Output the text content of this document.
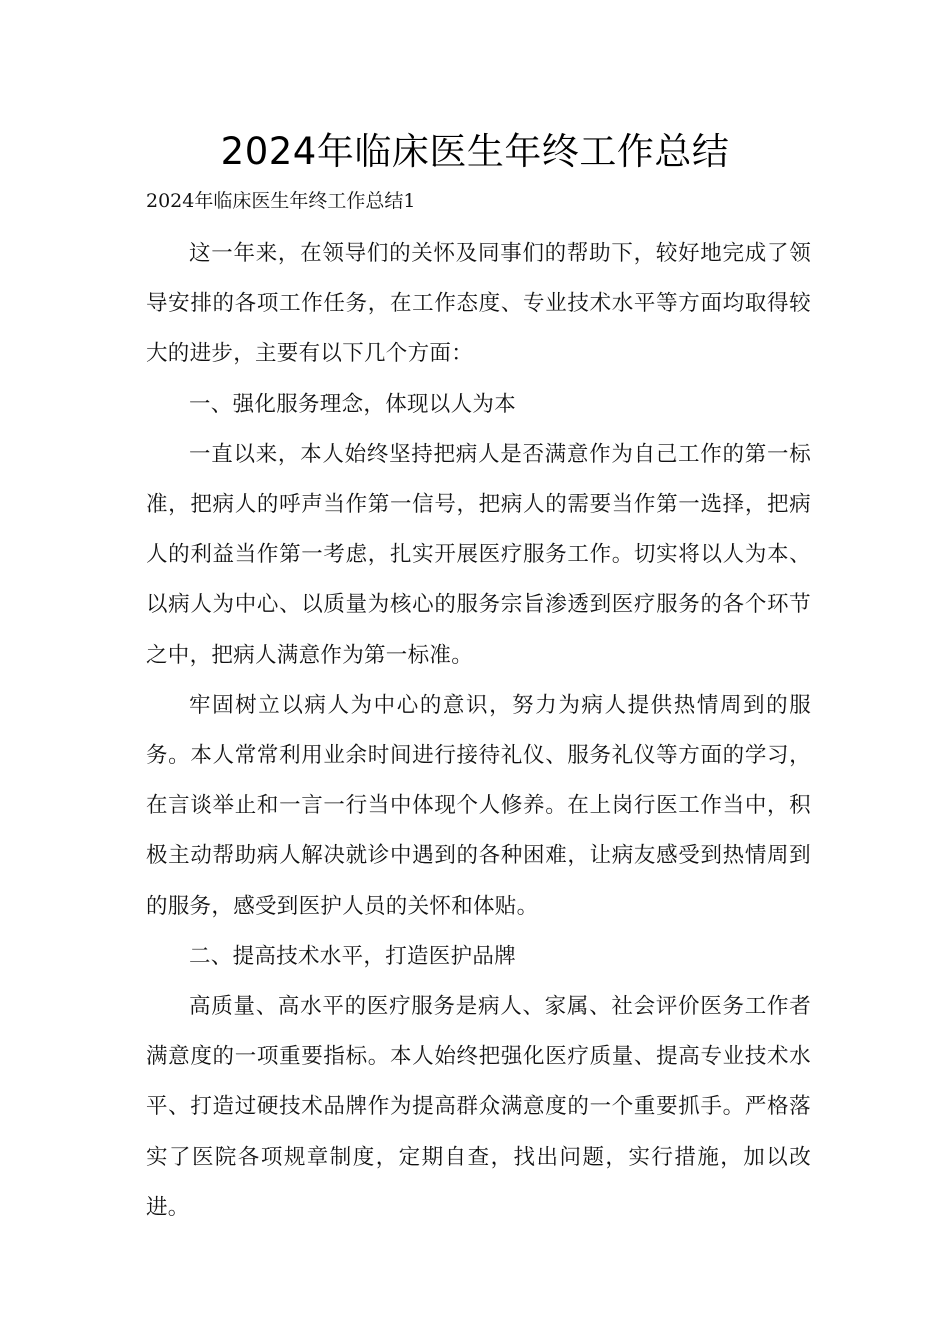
2024年临床医生年终工作总结

2024年临床医生年终工作总结1

这一年来，在领导们的关怀及同事们的帮助下，较好地完成了领导安排的各项工作任务，在工作态度、专业技术水平等方面均取得较大的进步，主要有以下几个方面：

一、强化服务理念，体现以人为本

一直以来，本人始终坚持把病人是否满意作为自己工作的第一标准，把病人的呼声当作第一信号，把病人的需要当作第一选择，把病人的利益当作第一考虑，扎实开展医疗服务工作。切实将以人为本、以病人为中心、以质量为核心的服务宗旨渗透到医疗服务的各个环节之中，把病人满意作为第一标准。

牢固树立以病人为中心的意识，努力为病人提供热情周到的服务。本人常常利用业余时间进行接待礼仪、服务礼仪等方面的学习，在言谈举止和一言一行当中体现个人修养。在上岗行医工作当中，积极主动帮助病人解决就诊中遇到的各种困难，让病友感受到热情周到的服务，感受到医护人员的关怀和体贴。

二、提高技术水平，打造医护品牌

高质量、高水平的医疗服务是病人、家属、社会评价医务工作者满意度的一项重要指标。本人始终把强化医疗质量、提高专业技术水平、打造过硬技术品牌作为提高群众满意度的一个重要抓手。严格落实了医院各项规章制度，定期自查，找出问题，实行措施，加以改进。
